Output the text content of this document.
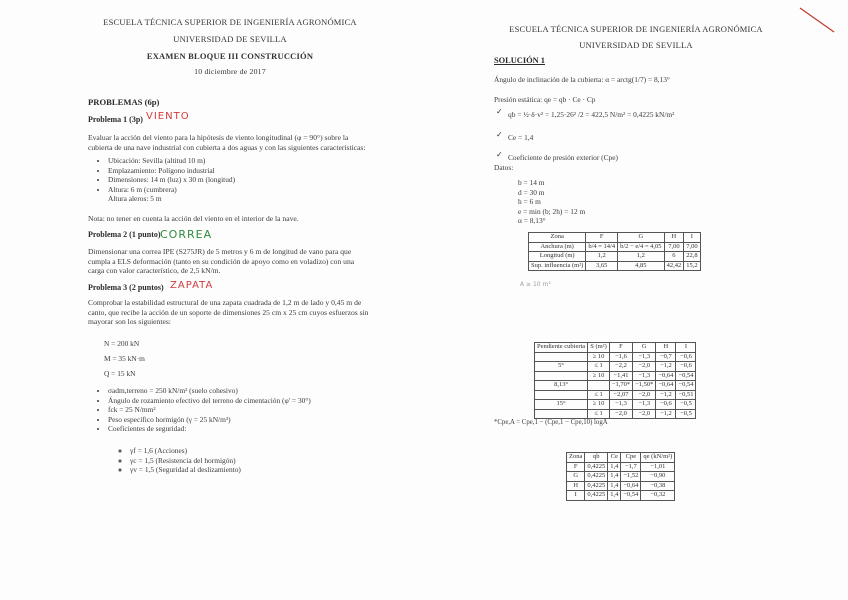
ESCUELA TÉCNICA SUPERIOR DE INGENIERÍA AGRONÓMICA
UNIVERSIDAD DE SEVILLA
EXAMEN BLOQUE III CONSTRUCCIÓN
10 diciembre de 2017
PROBLEMAS (6p)
Problema 1 (3p) VIENTO
Evaluar la acción del viento para la hipótesis de viento longitudinal (φ = 90°) sobre la cubierta de una nave industrial con cubierta a dos aguas y con las siguientes características:
• Ubicación: Sevilla (altitud 10 m)
• Emplazamiento: Polígono industrial
• Dimensiones: 14 m (luz) x 30 m (longitud)
• Altura: 6 m (cumbrera)
Altura aleros: 5 m
Nota: no tener en cuenta la acción del viento en el interior de la nave.
Problema 2 (1 punto) CORREA
Dimensionar una correa IPE (S275JR) de 5 metros y 6 m de longitud de vano para que cumpla a ELS deformación (tanto en su condición de apoyo como en voladizo) con una carga con valor característico, de 2,5 kN/m.
Problema 3 (2 puntos) ZAPATA
Comprobar la estabilidad estructural de una zapata cuadrada de 1,2 m de lado y 0,45 m de canto, que recibe la acción de un soporte de dimensiones 25 cm x 25 cm cuyos esfuerzos sin mayorar son los siguientes:
N = 200 kN
M = 35 kN·m
Q = 15 kN
• σadm,terreno = 250 kN/m² (suelo cohesivo)
• Ángulo de rozamiento efectivo del terreno de cimentación (φ' = 30°)
• fck = 25 N/mm²
• Peso específico hormigón (γ = 25 kN/m³)
• Coeficientes de seguridad:
◦ γf = 1,6 (Acciones)
◦ γc = 1,5 (Resistencia del hormigón)
◦ γv = 1,5 (Seguridad al deslizamiento)
ESCUELA TÉCNICA SUPERIOR DE INGENIERÍA AGRONÓMICA
UNIVERSIDAD DE SEVILLA
SOLUCIÓN 1
Ángulo de inclinación de la cubierta: α = arctg(1/7) = 8,13°
Presión estática: qe = qb · Ce · Cp
✓ qb = ½·δ·v² = 1,25·26² /2 = 422,5 N/m² = 0,4225 kN/m²
✓ Ce = 1,4
✓ Coeficiente de presión exterior (Cpe)
Datos:
b = 14 m
d = 30 m
h = 6 m
e = min (b; 2h) = 12 m
α = 8,13°
Zona	F	G	H	I
Anchura (m)	b/4 = 14/4	b/2 − e/4 = 4,05	7,00	7,00
Longitud (m)	1,2	1,2	6	22,8
Sup. influencia (m²)	3,65	4,85	42,42	15,2
A ≥ 10 m²
Pendiente cubierta	S (m²)	F	G	H	I
	≥ 10	−1,6	−1,3	−0,7	−0,6
5°	≤ 1	−2,2	−2,0	−1,2	−0,6
	≥ 10	−1,41	−1,3	−0,64	−0,54
8,13°		−1,70*	−1,50*	−0,64	−0,54
	≤ 1	−2,07	−2,0	−1,2	−0,51
15°	≥ 10	−1,3	−1,3	−0,6	−0,5
	≤ 1	−2,0	−2,0	−1,2	−0,5
*Cpe,A = Cpe,1 − (Cpe,1 − Cpe,10) logA
Zona	qb	Ce	Cpe	qe (kN/m²)
F	0,4225	1,4	−1,7	−1,01
G	0,4225	1,4	−1,52	−0,90
H	0,4225	1,4	−0,64	−0,38
I	0,4225	1,4	−0,54	−0,32
